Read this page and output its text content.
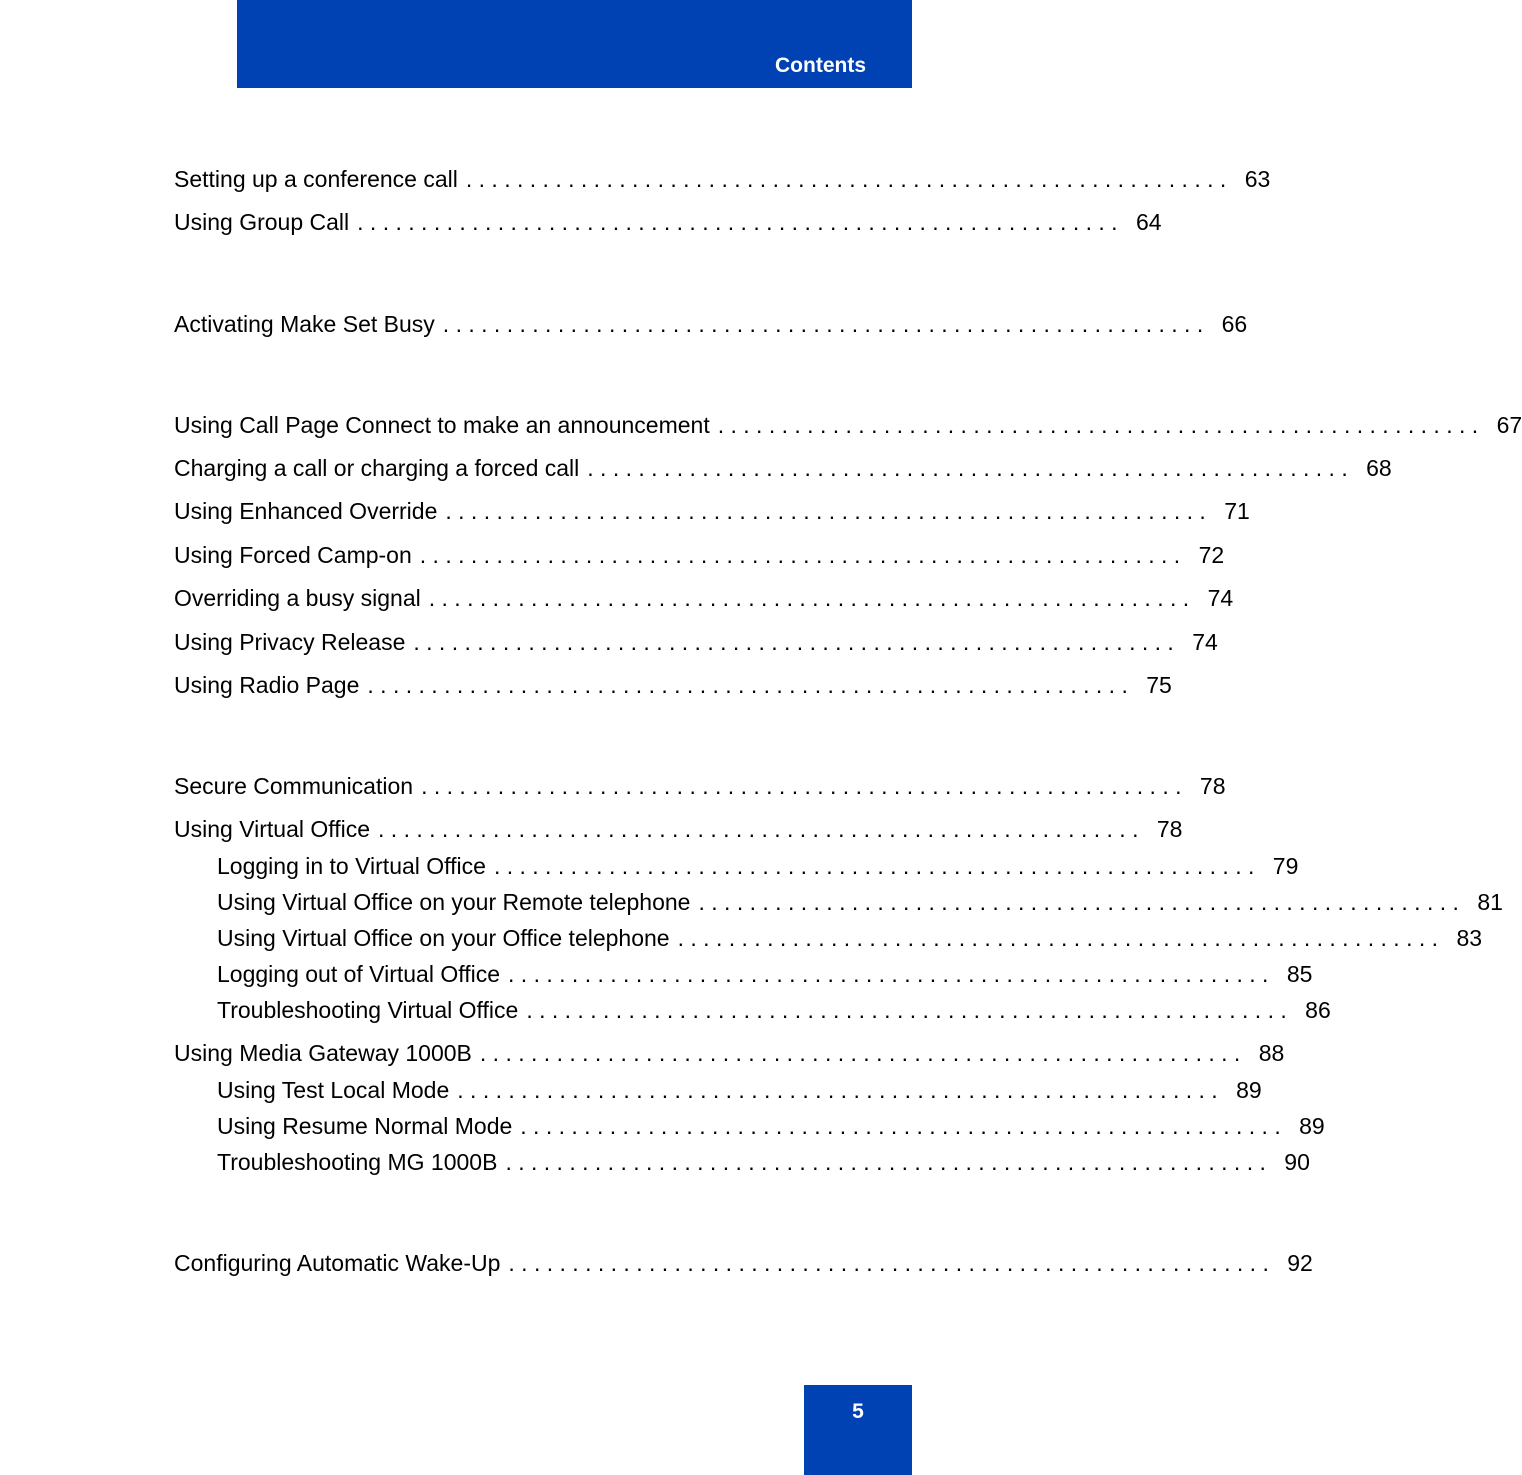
Contents
Setting up a conference call . . . . . . . . . . . . . . . . . . . . . . . . . . . . . . . . . . . . . . . . . . . . . . . . . . . . . . . . . . . . 63
Using Group Call . . . . . . . . . . . . . . . . . . . . . . . . . . . . . . . . . . . . . . . . . . . . . . . . . . . . . . . . . . . . 64
Activating Make Set Busy . . . . . . . . . . . . . . . . . . . . . . . . . . . . . . . . . . . . . . . . . . . . . . . . . . . . . . . . . . . . 66
Using Call Page Connect to make an announcement . . . . . . . . . . . . . . . . . . . . . . . . . . . . . . . . . . . . . . . . . . . . . . . . . . . . . . . . . . . . 67
Charging a call or charging a forced call . . . . . . . . . . . . . . . . . . . . . . . . . . . . . . . . . . . . . . . . . . . . . . . . . . . . . . . . . . . . 68
Using Enhanced Override . . . . . . . . . . . . . . . . . . . . . . . . . . . . . . . . . . . . . . . . . . . . . . . . . . . . . . . . . . . . 71
Using Forced Camp-on . . . . . . . . . . . . . . . . . . . . . . . . . . . . . . . . . . . . . . . . . . . . . . . . . . . . . . . . . . . . 72
Overriding a busy signal . . . . . . . . . . . . . . . . . . . . . . . . . . . . . . . . . . . . . . . . . . . . . . . . . . . . . . . . . . . . 74
Using Privacy Release . . . . . . . . . . . . . . . . . . . . . . . . . . . . . . . . . . . . . . . . . . . . . . . . . . . . . . . . . . . . 74
Using Radio Page . . . . . . . . . . . . . . . . . . . . . . . . . . . . . . . . . . . . . . . . . . . . . . . . . . . . . . . . . . . . 75
Secure Communication . . . . . . . . . . . . . . . . . . . . . . . . . . . . . . . . . . . . . . . . . . . . . . . . . . . . . . . . . . . . 78
Using Virtual Office . . . . . . . . . . . . . . . . . . . . . . . . . . . . . . . . . . . . . . . . . . . . . . . . . . . . . . . . . . . . 78
Logging in to Virtual Office . . . . . . . . . . . . . . . . . . . . . . . . . . . . . . . . . . . . . . . . . . . . . . . . . . . . . . . . . . . . 79
Using Virtual Office on your Remote telephone . . . . . . . . . . . . . . . . . . . . . . . . . . . . . . . . . . . . . . . . . . . . . . . . . . . . . . . . . . . . 81
Using Virtual Office on your Office telephone . . . . . . . . . . . . . . . . . . . . . . . . . . . . . . . . . . . . . . . . . . . . . . . . . . . . . . . . . . . . 83
Logging out of Virtual Office . . . . . . . . . . . . . . . . . . . . . . . . . . . . . . . . . . . . . . . . . . . . . . . . . . . . . . . . . . . . 85
Troubleshooting Virtual Office . . . . . . . . . . . . . . . . . . . . . . . . . . . . . . . . . . . . . . . . . . . . . . . . . . . . . . . . . . . . 86
Using Media Gateway 1000B . . . . . . . . . . . . . . . . . . . . . . . . . . . . . . . . . . . . . . . . . . . . . . . . . . . . . . . . . . . . 88
Using Test Local Mode . . . . . . . . . . . . . . . . . . . . . . . . . . . . . . . . . . . . . . . . . . . . . . . . . . . . . . . . . . . . 89
Using Resume Normal Mode . . . . . . . . . . . . . . . . . . . . . . . . . . . . . . . . . . . . . . . . . . . . . . . . . . . . . . . . . . . . 89
Troubleshooting MG 1000B . . . . . . . . . . . . . . . . . . . . . . . . . . . . . . . . . . . . . . . . . . . . . . . . . . . . . . . . . . . . 90
Configuring Automatic Wake-Up . . . . . . . . . . . . . . . . . . . . . . . . . . . . . . . . . . . . . . . . . . . . . . . . . . . . . . . . . . . . 92
5
